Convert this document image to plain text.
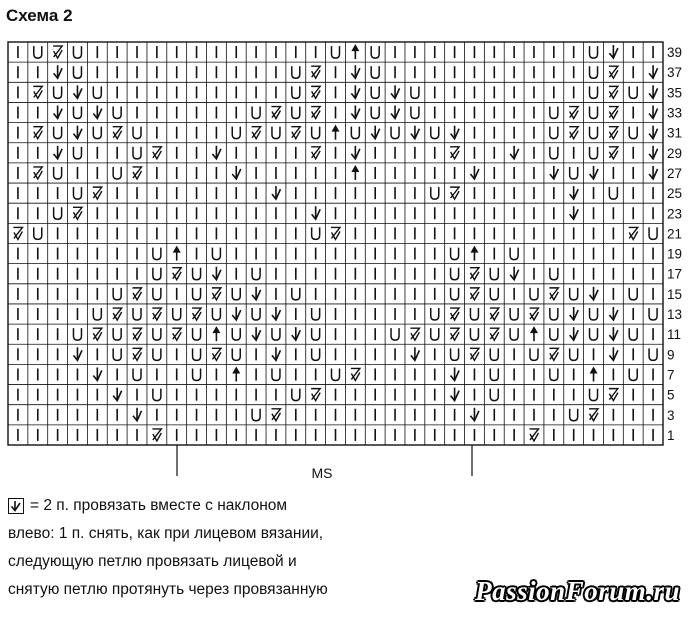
Схема 2
39
37
35
33
31
29
27
25
23
21
19
17
15
13
11
9
7
5
3
1
MS
= 2 п. провязать вместе с наклоном
влево: 1 п. снять, как при лицевом вязании,
следующую петлю провязать лицевой и
снятую петлю протянуть через провязанную	PassionForum.ru
